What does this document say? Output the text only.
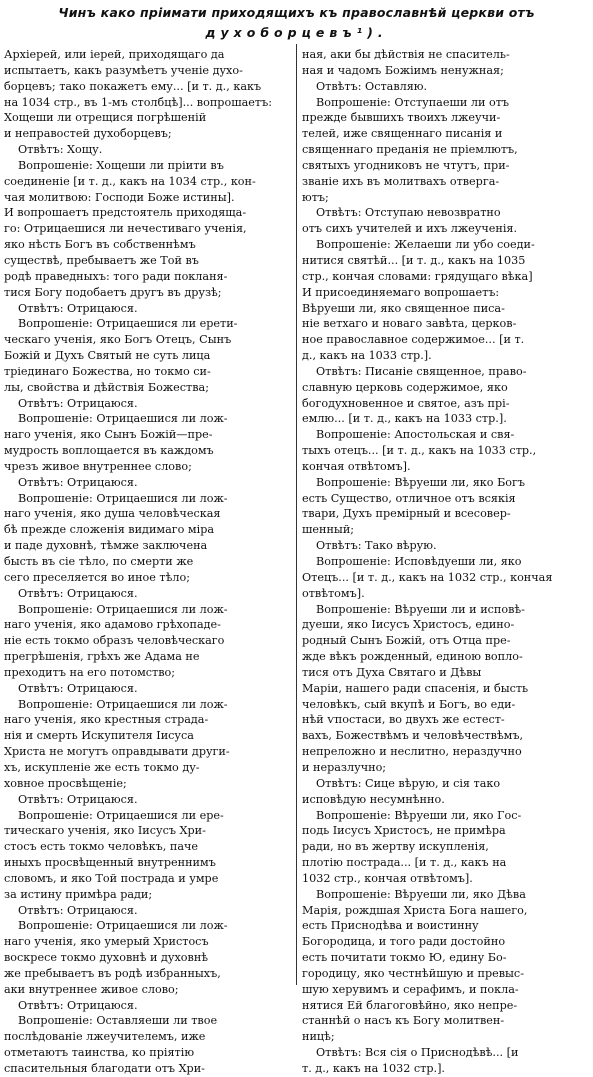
Чинъ како пріимати приходящихъ къ православнѣй церкви отъ
духоборцевъ¹).
Архіерей, или іерей, приходящаго да
испытаетъ, какъ разумѣетъ ученіе духо-
борцевъ; тако покажетъ ему... [и т. д., какъ
на 1034 стр., въ 1-мъ столбцѣ]... вопрошаетъ:
Хощеши ли отрещися погрѣшеній
и неправостей духоборцевъ;
Отвѣтъ: Хощу.
Вопрошеніе: Хощеши ли пріити въ
соединеніе [и т. д., какъ на 1034 стр., кон-
чая молитвою: Господи Боже истины].
И вопрошаетъ предстоятель приходяща-
го: Отрицаешися ли нечестиваго ученія,
яко нѣсть Богъ въ собственнѣмъ
существѣ, пребываетъ же Той въ
родѣ праведныхъ: того ради покланя-
тися Богу подобаетъ другъ въ друзѣ;
Отвѣтъ: Отрицаюся.
Вопрошеніе: Отрицаешися ли ерети-
ческаго ученія, яко Богъ Отецъ, Сынъ
Божій и Духъ Святый не суть лица
тріединаго Божества, но токмо си-
лы, свойства и дѣйствія Божества;
Отвѣтъ: Отрицаюся.
Вопрошеніе: Отрицаешися ли лож-
наго ученія, яко Сынъ Божій—пре-
мудрость воплощается въ каждомъ
чрезъ живое внутреннее слово;
Отвѣтъ: Отрицаюся.
Вопрошеніе: Отрицаешися ли лож-
наго ученія, яко душа человѣческая
бѣ прежде сложенія видимаго міра
и паде духовнѣ, тѣмже заключена
бысть въ сіе тѣло, по смерти же
сего преселяется во иное тѣло;
Отвѣтъ: Отрицаюся.
Вопрошеніе: Отрицаешися ли лож-
наго ученія, яко адамово грѣхопаде-
ніе есть токмо образъ человѣческаго
прегрѣшенія, грѣхъ же Адама не
преходитъ на его потомство;
Отвѣтъ: Отрицаюся.
Вопрошеніе: Отрицаешися ли лож-
наго ученія, яко крестныя страда-
нія и смерть Искупителя Іисуса
Христа не могутъ оправдывати други-
хъ, искупленіе же есть токмо ду-
ховное просвѣщеніе;
Отвѣтъ: Отрицаюся.
Вопрошеніе: Отрицаешися ли ере-
тическаго ученія, яко Іисусъ Хри-
стосъ есть токмо человѣкъ, паче
иныхъ просвѣщенный внутреннимъ
словомъ, и яко Той пострада и умре
за истину примѣра ради;
Отвѣтъ: Отрицаюся.
Вопрошеніе: Отрицаешися ли лож-
наго ученія, яко умерый Христосъ
воскресе токмо духовнѣ и духовнѣ
же пребываетъ въ родѣ избранныхъ,
аки внутреннее живое слово;
Отвѣтъ: Отрицаюся.
Вопрошеніе: Оставляеши ли твое
послѣдованіе лжеучителемъ, иже
отметаютъ таинства, ко пріятію
спасительныя благодати отъ Хри-
ная, аки бы дѣйствія не спаситель-
ная и чадомъ Божіимъ ненужная;
Отвѣтъ: Оставляю.
Вопрошеніе: Отступаеши ли отъ
прежде бывшихъ твоихъ лжеучи-
телей, иже священнаго писанія и
священнаго преданія не пріемлютъ,
святыхъ угодниковъ не чтутъ, при-
званіе ихъ въ молитвахъ отверга-
ютъ;
Отвѣтъ: Отступаю невозвратно
отъ сихъ учителей и ихъ лжеученія.
Вопрошеніе: Желаеши ли убо соеди-
нитися святѣй... [и т. д., какъ на 1035
стр., кончая словами: грядущаго вѣка]
И присоединяемаго вопрошаетъ:
Вѣруеши ли, яко священное писа-
ніе ветхаго и новаго завѣта, церков-
ное православное содержимое... [и т.
д., какъ на 1033 стр.].
Отвѣтъ: Писаніе священное, право-
славную церковь содержимое, яко
богодухновенное и святое, азъ прі-
емлю... [и т. д., какъ на 1033 стр.].
Вопрошеніе: Апостольская и свя-
тыхъ отецъ... [и т. д., какъ на 1033 стр.,
кончая отвѣтомъ].
Вопрошеніе: Вѣруеши ли, яко Богъ
есть Существо, отличное отъ всякія
твари, Духъ премірный и всесовер-
шенный;
Отвѣтъ: Тако вѣрую.
Вопрошеніе: Исповѣдуеши ли, яко
Отецъ... [и т. д., какъ на 1032 стр., кончая
отвѣтомъ].
Вопрошеніе: Вѣруеши ли и исповѣ-
дуеши, яко Іисусъ Христосъ, едино-
родный Сынъ Божій, отъ Отца пре-
жде вѣкъ рожденный, единою вопло-
тися отъ Духа Святаго и Дѣвы
Маріи, нашего ради спасенія, и бысть
человѣкъ, сый вкупѣ и Богъ, во еди-
нѣй ѵпостаси, во двухъ же естест-
вахъ, Божествѣмъ и человѣчествѣмъ,
непреложно и неслитно, нераздучно
и неразлучно;
Отвѣтъ: Сице вѣрую, и сія тако
исповѣдую несумнѣнно.
Вопрошеніе: Вѣруеши ли, яко Гос-
подь Іисусъ Христосъ, не примѣра
ради, но въ жертву искупленія,
плотію пострада... [и т. д., какъ на
1032 стр., кончая отвѣтомъ].
Вопрошеніе: Вѣруеши ли, яко Дѣва
Марія, рождшая Христа Бога нашего,
есть Приснодѣва и воистинну
Богородица, и того ради достойно
есть почитати токмо Ю, едину Бо-
городицу, яко честнѣйшую и превыс-
шую херувимъ и серафимъ, и покла-
нятися Ей благоговѣйно, яко непре-
станнѣй о насъ къ Богу молитвен-
ницѣ;
Отвѣтъ: Вся сія о Приснодѣвѣ... [и
т. д., какъ на 1032 стр.].
